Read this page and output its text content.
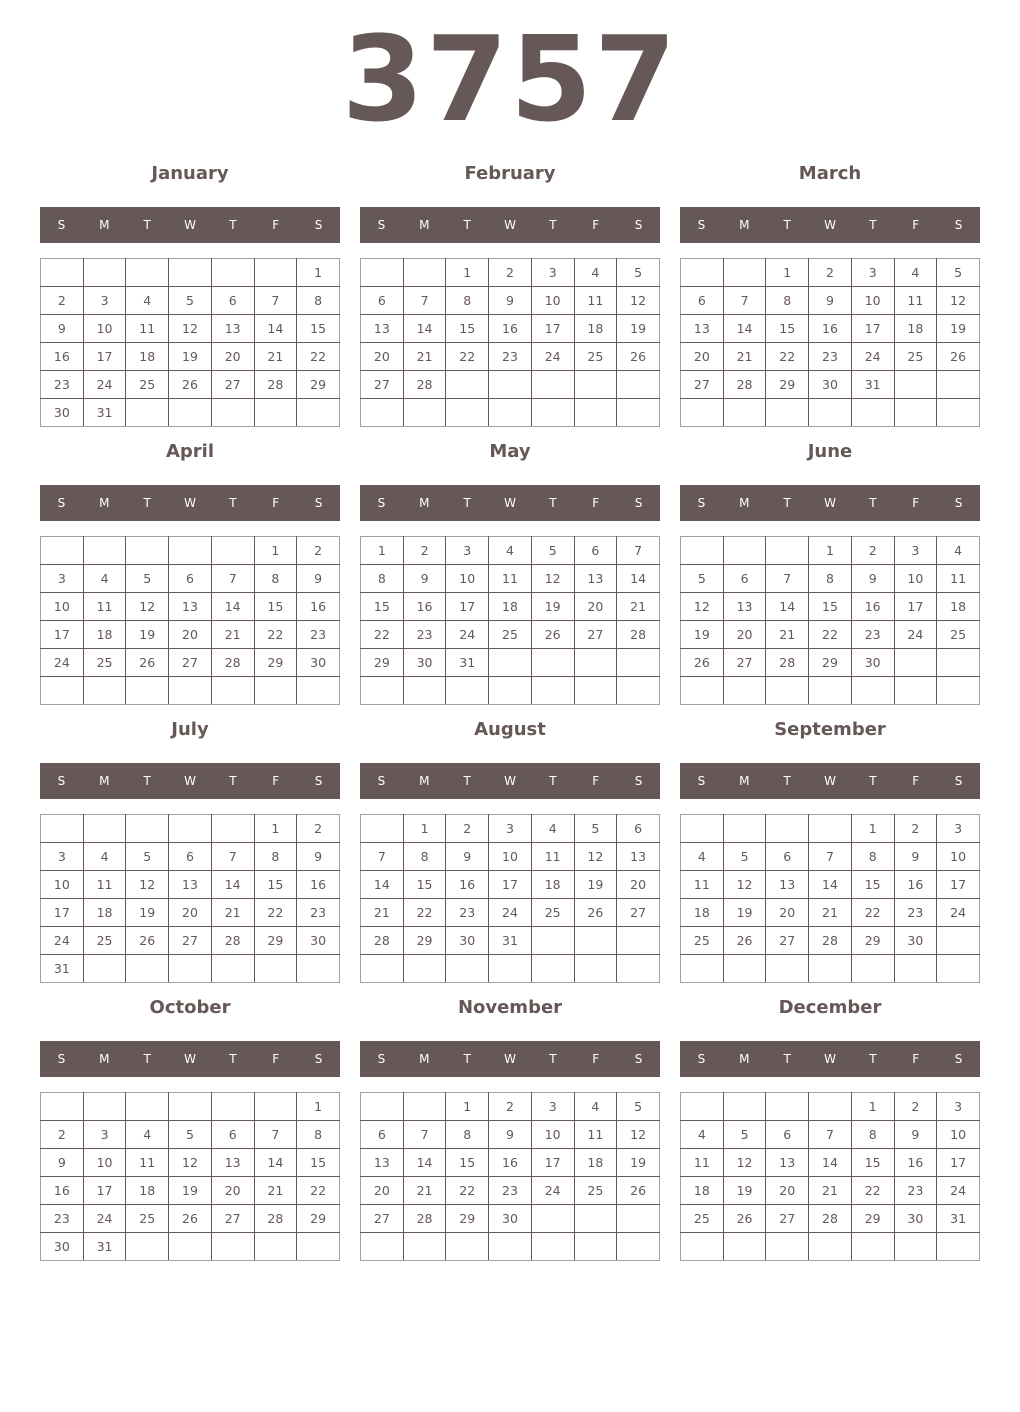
3757
January
S	M	T	W	T	F	S
						1
2	3	4	5	6	7	8
9	10	11	12	13	14	15
16	17	18	19	20	21	22
23	24	25	26	27	28	29
30	31					
February
S	M	T	W	T	F	S
		1	2	3	4	5
6	7	8	9	10	11	12
13	14	15	16	17	18	19
20	21	22	23	24	25	26
27	28					

March
S	M	T	W	T	F	S
		1	2	3	4	5
6	7	8	9	10	11	12
13	14	15	16	17	18	19
20	21	22	23	24	25	26
27	28	29	30	31		

April
S	M	T	W	T	F	S
					1	2
3	4	5	6	7	8	9
10	11	12	13	14	15	16
17	18	19	20	21	22	23
24	25	26	27	28	29	30

May
S	M	T	W	T	F	S
1	2	3	4	5	6	7
8	9	10	11	12	13	14
15	16	17	18	19	20	21
22	23	24	25	26	27	28
29	30	31				

June
S	M	T	W	T	F	S
			1	2	3	4
5	6	7	8	9	10	11
12	13	14	15	16	17	18
19	20	21	22	23	24	25
26	27	28	29	30		

July
S	M	T	W	T	F	S
					1	2
3	4	5	6	7	8	9
10	11	12	13	14	15	16
17	18	19	20	21	22	23
24	25	26	27	28	29	30
31						
August
S	M	T	W	T	F	S
	1	2	3	4	5	6
7	8	9	10	11	12	13
14	15	16	17	18	19	20
21	22	23	24	25	26	27
28	29	30	31			

September
S	M	T	W	T	F	S
				1	2	3
4	5	6	7	8	9	10
11	12	13	14	15	16	17
18	19	20	21	22	23	24
25	26	27	28	29	30	

October
S	M	T	W	T	F	S
						1
2	3	4	5	6	7	8
9	10	11	12	13	14	15
16	17	18	19	20	21	22
23	24	25	26	27	28	29
30	31					
November
S	M	T	W	T	F	S
		1	2	3	4	5
6	7	8	9	10	11	12
13	14	15	16	17	18	19
20	21	22	23	24	25	26
27	28	29	30			

December
S	M	T	W	T	F	S
				1	2	3
4	5	6	7	8	9	10
11	12	13	14	15	16	17
18	19	20	21	22	23	24
25	26	27	28	29	30	31
